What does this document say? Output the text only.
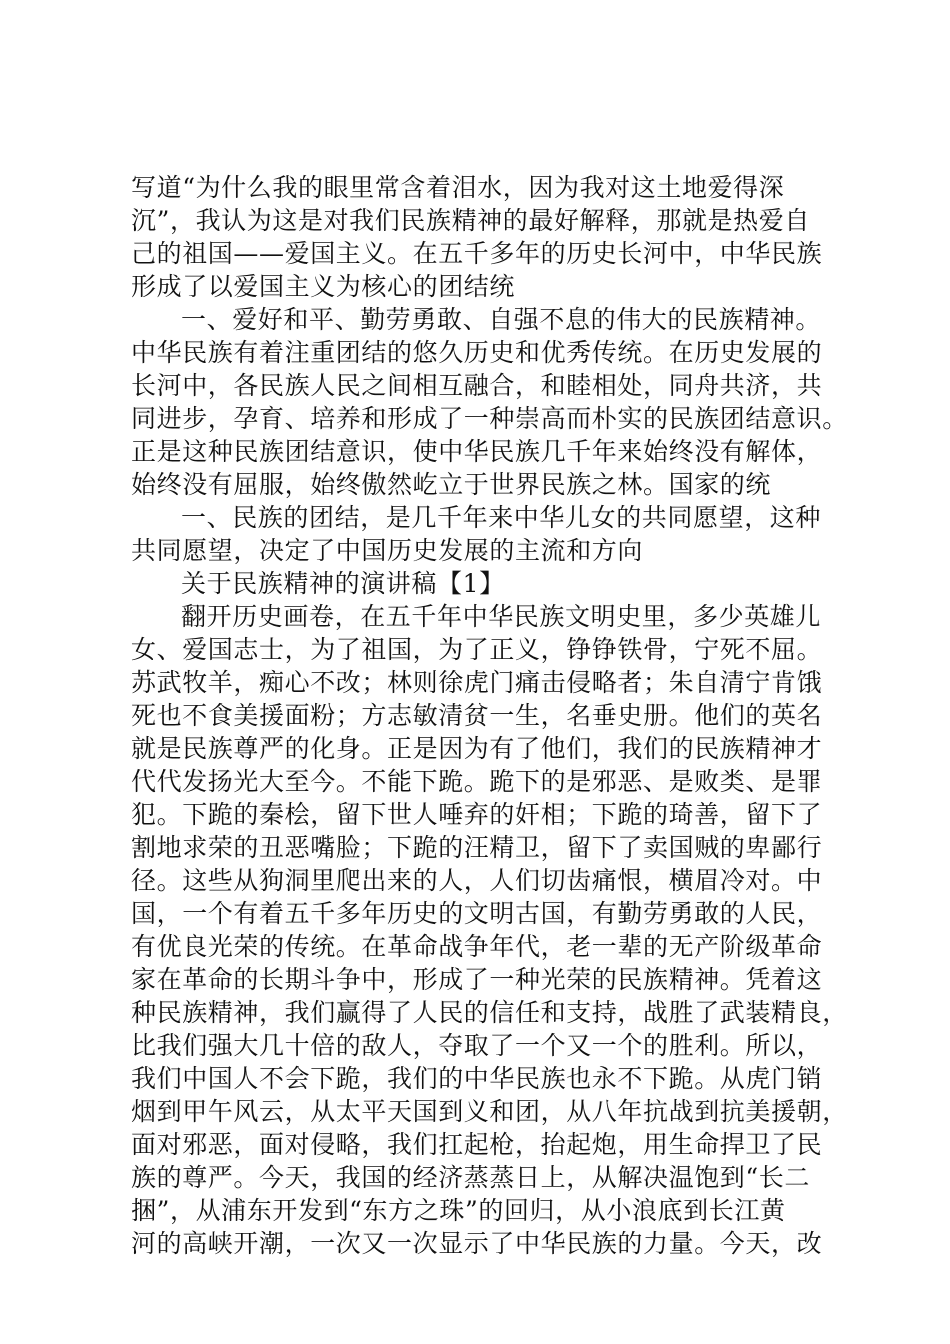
写道“为什么我的眼里常含着泪水，因为我对这土地爱得深
沉”，我认为这是对我们民族精神的最好解释，那就是热爱自
己的祖国——爱国主义。在五千多年的历史长河中，中华民族
形成了以爱国主义为核心的团结统
一、爱好和平、勤劳勇敢、自强不息的伟大的民族精神。
中华民族有着注重团结的悠久历史和优秀传统。在历史发展的
长河中，各民族人民之间相互融合，和睦相处，同舟共济，共
同进步，孕育、培养和形成了一种崇高而朴实的民族团结意识。
正是这种民族团结意识，使中华民族几千年来始终没有解体，
始终没有屈服，始终傲然屹立于世界民族之林。国家的统
一、民族的团结，是几千年来中华儿女的共同愿望，这种
共同愿望，决定了中国历史发展的主流和方向
关于民族精神的演讲稿【1】
翻开历史画卷，在五千年中华民族文明史里，多少英雄儿
女、爱国志士，为了祖国，为了正义，铮铮铁骨，宁死不屈。
苏武牧羊，痴心不改；林则徐虎门痛击侵略者；朱自清宁肯饿
死也不食美援面粉；方志敏清贫一生，名垂史册。他们的英名
就是民族尊严的化身。正是因为有了他们，我们的民族精神才
代代发扬光大至今。不能下跪。跪下的是邪恶、是败类、是罪
犯。下跪的秦桧，留下世人唾弃的奸相；下跪的琦善，留下了
割地求荣的丑恶嘴脸；下跪的汪精卫，留下了卖国贼的卑鄙行
径。这些从狗洞里爬出来的人，人们切齿痛恨，横眉冷对。中
国，一个有着五千多年历史的文明古国，有勤劳勇敢的人民，
有优良光荣的传统。在革命战争年代，老一辈的无产阶级革命
家在革命的长期斗争中，形成了一种光荣的民族精神。凭着这
种民族精神，我们赢得了人民的信任和支持，战胜了武装精良，
比我们强大几十倍的敌人，夺取了一个又一个的胜利。所以，
我们中国人不会下跪，我们的中华民族也永不下跪。从虎门销
烟到甲午风云，从太平天国到义和团，从八年抗战到抗美援朝，
面对邪恶，面对侵略，我们扛起枪，抬起炮，用生命捍卫了民
族的尊严。今天，我国的经济蒸蒸日上，从解决温饱到“长二
捆”，从浦东开发到“东方之珠”的回归，从小浪底到长江黄
河的高峡开潮，一次又一次显示了中华民族的力量。今天，改
